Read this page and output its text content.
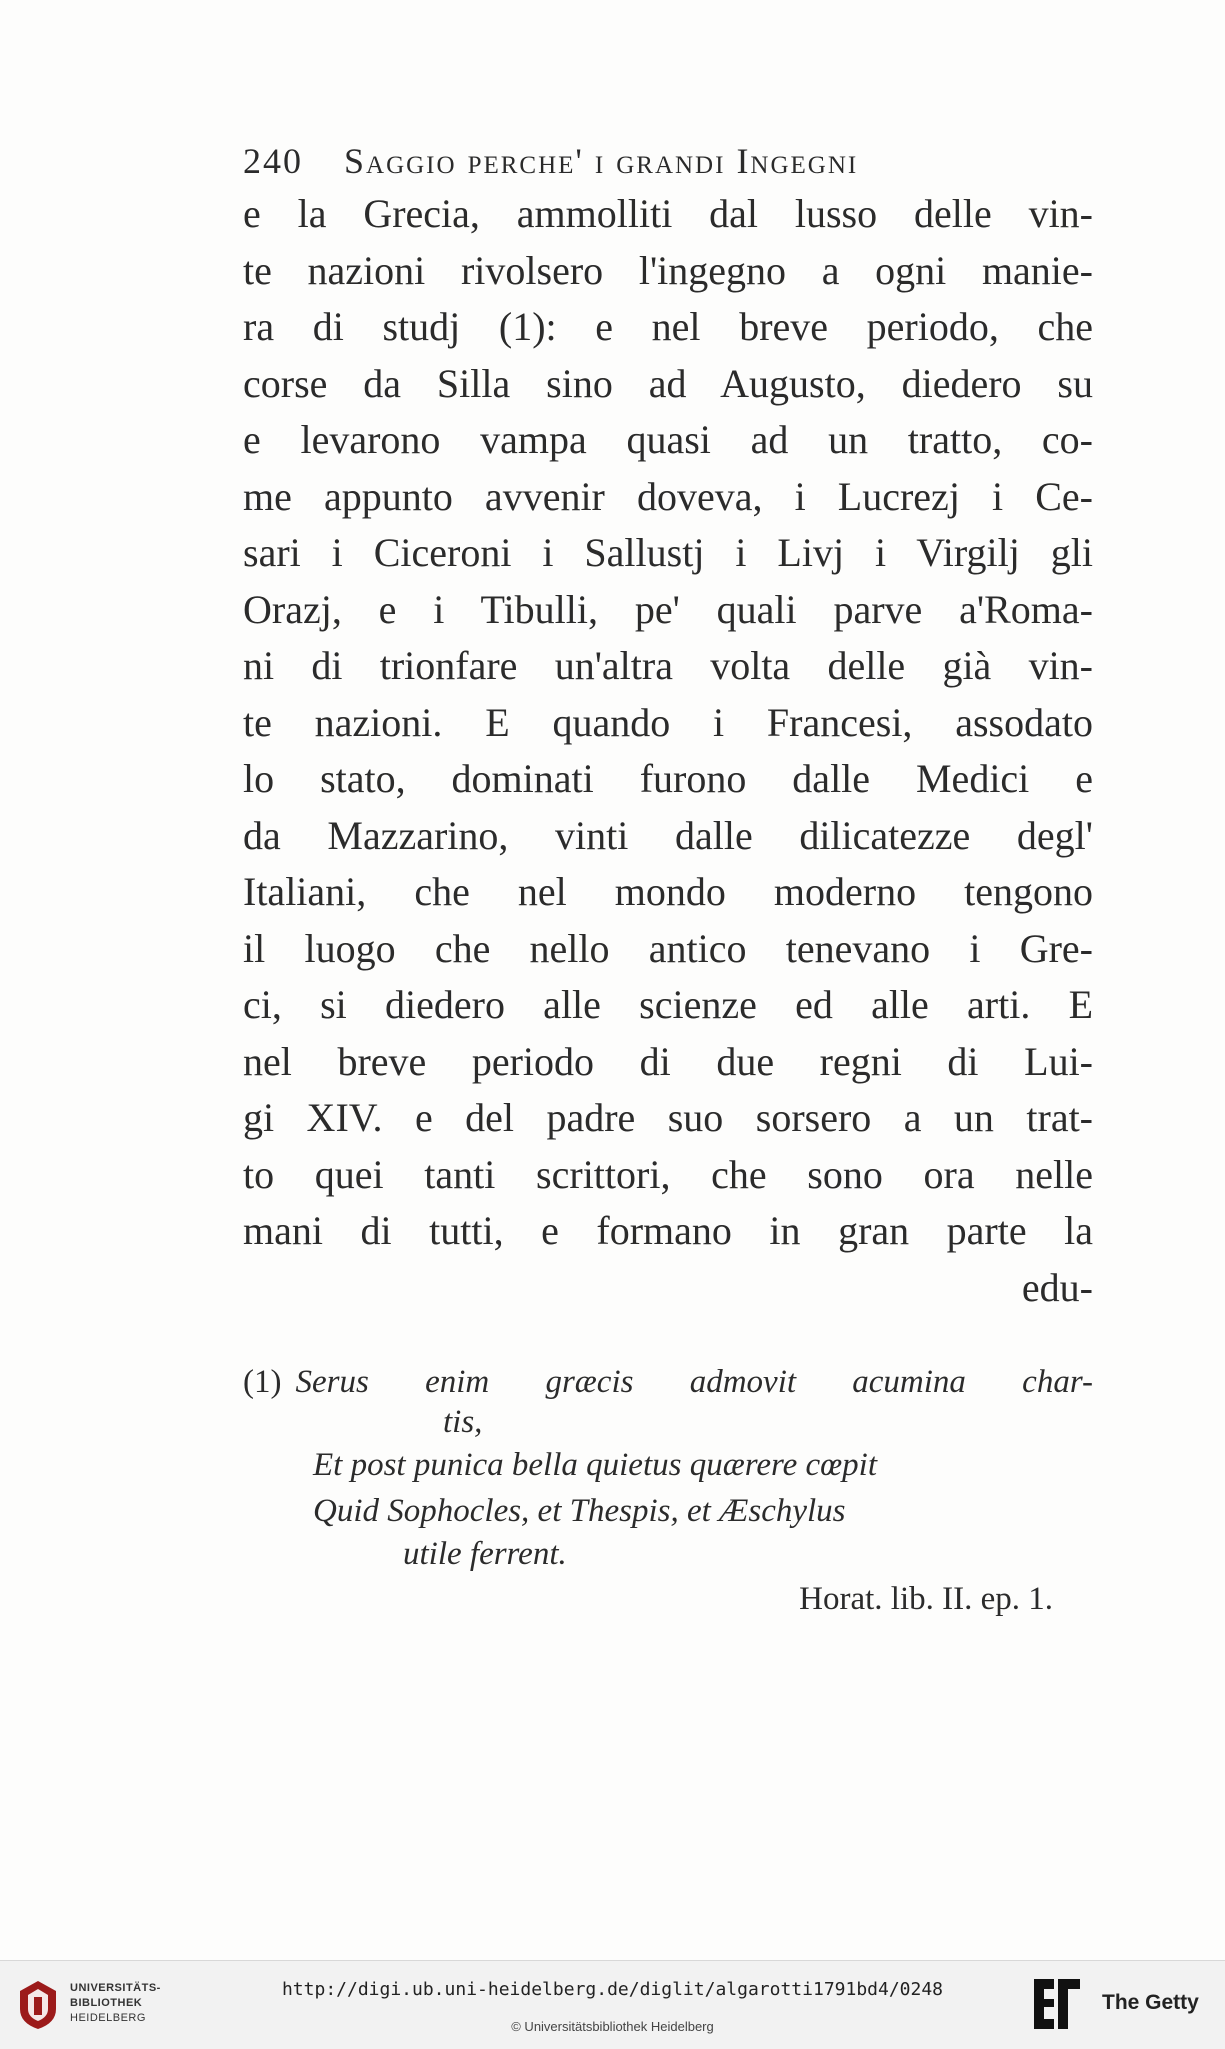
240 Saggio perche' i grandi Ingegni
e la Grecia, ammolliti dal lusso delle vin-
te nazioni rivolsero l'ingegno a ogni manie-
ra di studj (1): e nel breve periodo, che
corse da Silla sino ad Augusto, diedero su
e levarono vampa quasi ad un tratto, co-
me appunto avvenir doveva, i Lucrezj i Ce-
sari i Ciceroni i Sallustj i Livj i Virgilj gli
Orazj, e i Tibulli, pe' quali parve a'Roma-
ni di trionfare un'altra volta delle già vin-
te nazioni. E quando i Francesi, assodato
lo stato, dominati furono dalle Medici e
da Mazzarino, vinti dalle dilicatezze degl'
Italiani, che nel mondo moderno tengono
il luogo che nello antico tenevano i Gre-
ci, si diedero alle scienze ed alle arti. E
nel breve periodo di due regni di Lui-
gi XIV. e del padre suo sorsero a un trat-
to quei tanti scrittori, che sono ora nelle
mani di tutti, e formano in gran parte la
edu-
(1) Serus enim græcis admovit acumina char-
tis,
Et post punica bella quietus quærere cœpit
Quid Sophocles, et Thespis, et Æschylus
utile ferrent.
Horat. lib. II. ep. 1.
UNIVERSITÄTS-
BIBLIOTHEK
HEIDELBERG
http://digi.ub.uni-heidelberg.de/diglit/algarotti1791bd4/0248
© Universitätsbibliothek Heidelberg
The Getty
